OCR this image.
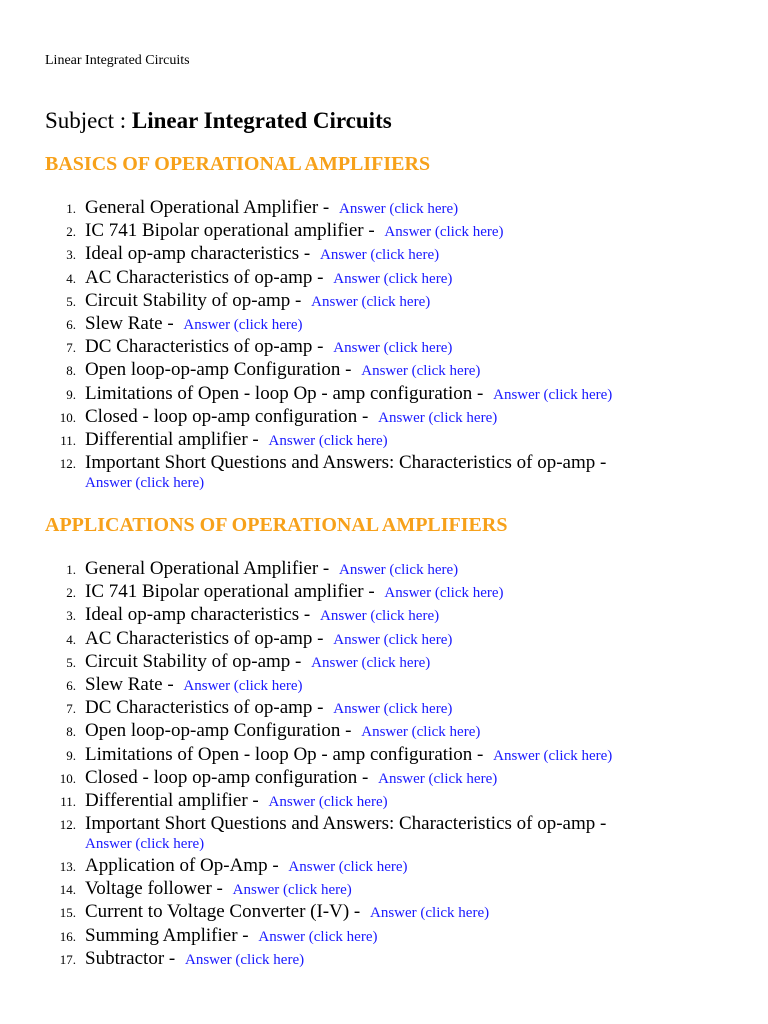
Linear Integrated Circuits
Subject : Linear Integrated Circuits
BASICS OF OPERATIONAL AMPLIFIERS
1. General Operational Amplifier - Answer (click here)
2. IC 741 Bipolar operational amplifier - Answer (click here)
3. Ideal op-amp characteristics - Answer (click here)
4. AC Characteristics of op-amp - Answer (click here)
5. Circuit Stability of op-amp - Answer (click here)
6. Slew Rate - Answer (click here)
7. DC Characteristics of op-amp - Answer (click here)
8. Open loop-op-amp Configuration - Answer (click here)
9. Limitations of Open - loop Op - amp configuration - Answer (click here)
10. Closed - loop op-amp configuration - Answer (click here)
11. Differential amplifier - Answer (click here)
12. Important Short Questions and Answers: Characteristics of op-amp -
Answer (click here)
APPLICATIONS OF OPERATIONAL AMPLIFIERS
1. General Operational Amplifier - Answer (click here)
2. IC 741 Bipolar operational amplifier - Answer (click here)
3. Ideal op-amp characteristics - Answer (click here)
4. AC Characteristics of op-amp - Answer (click here)
5. Circuit Stability of op-amp - Answer (click here)
6. Slew Rate - Answer (click here)
7. DC Characteristics of op-amp - Answer (click here)
8. Open loop-op-amp Configuration - Answer (click here)
9. Limitations of Open - loop Op - amp configuration - Answer (click here)
10. Closed - loop op-amp configuration - Answer (click here)
11. Differential amplifier - Answer (click here)
12. Important Short Questions and Answers: Characteristics of op-amp -
Answer (click here)
13. Application of Op-Amp - Answer (click here)
14. Voltage follower - Answer (click here)
15. Current to Voltage Converter (I-V) - Answer (click here)
16. Summing Amplifier - Answer (click here)
17. Subtractor - Answer (click here)
